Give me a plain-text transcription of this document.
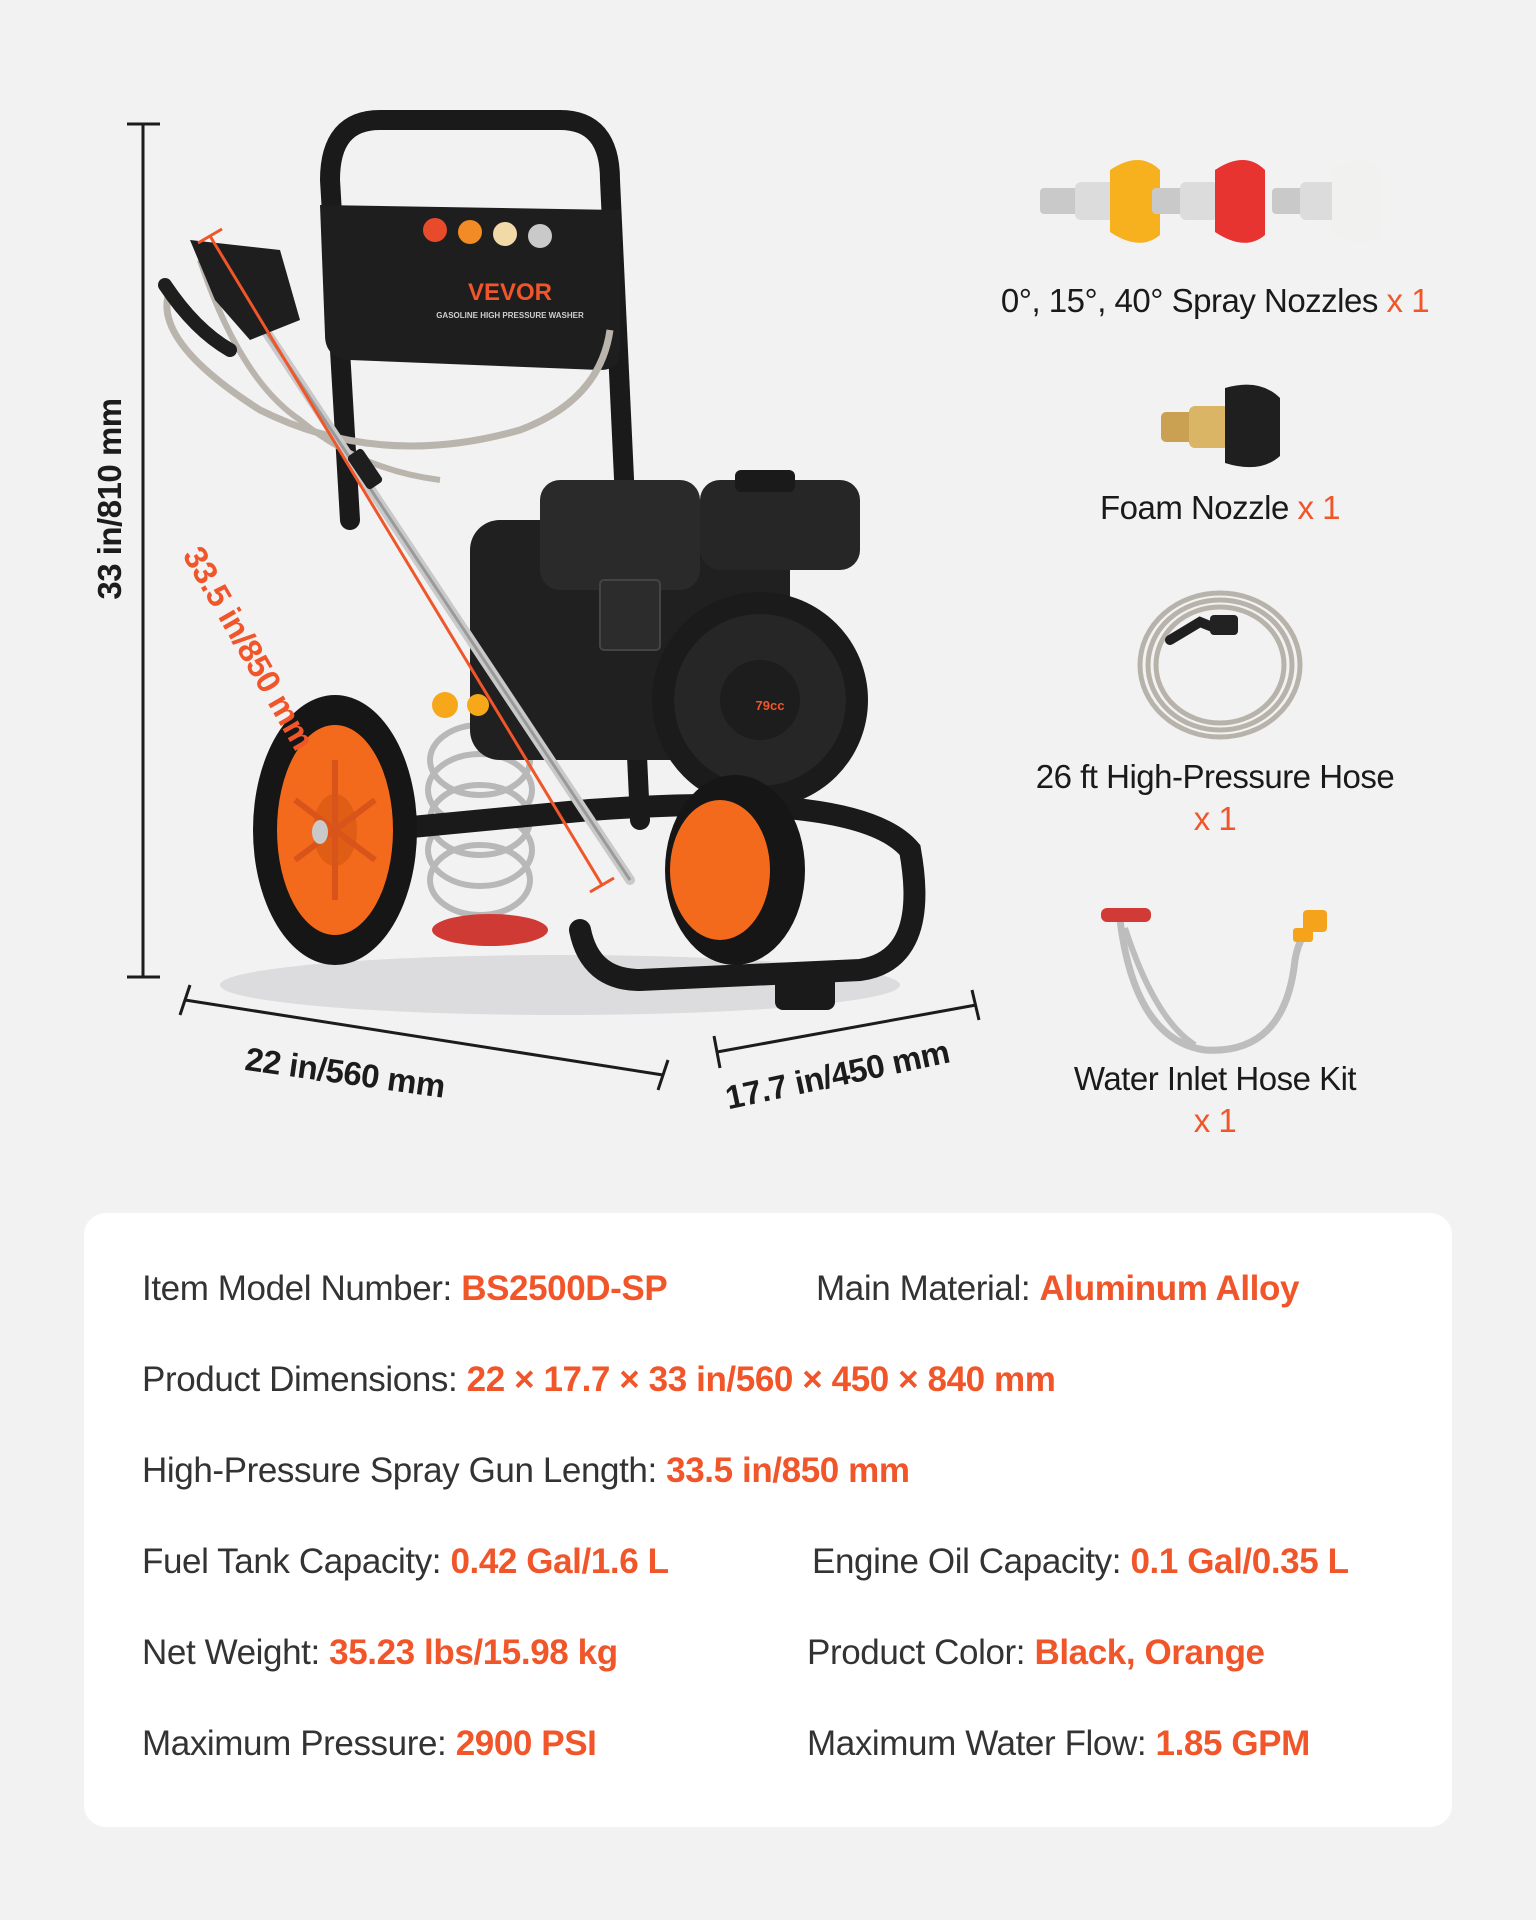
VEVOR
GASOLINE HIGH PRESSURE WASHER
79cc
33 in/810 mm
33.5 in/850 mm
22 in/560 mm	17.7 in/450 mm
0°, 15°, 40° Spray Nozzles x 1
Foam Nozzle x 1
26 ft High-Pressure Hose
x 1
Water Inlet Hose Kit
x 1
Item Model Number: BS2500D-SP	Main Material: Aluminum Alloy
Product Dimensions: 22 × 17.7 × 33 in/560 × 450 × 840 mm
High-Pressure Spray Gun Length: 33.5 in/850 mm
Fuel Tank Capacity: 0.42 Gal/1.6 L	Engine Oil Capacity: 0.1 Gal/0.35 L
Net Weight: 35.23 lbs/15.98 kg	Product Color: Black, Orange
Maximum Pressure: 2900 PSI	Maximum Water Flow: 1.85 GPM
